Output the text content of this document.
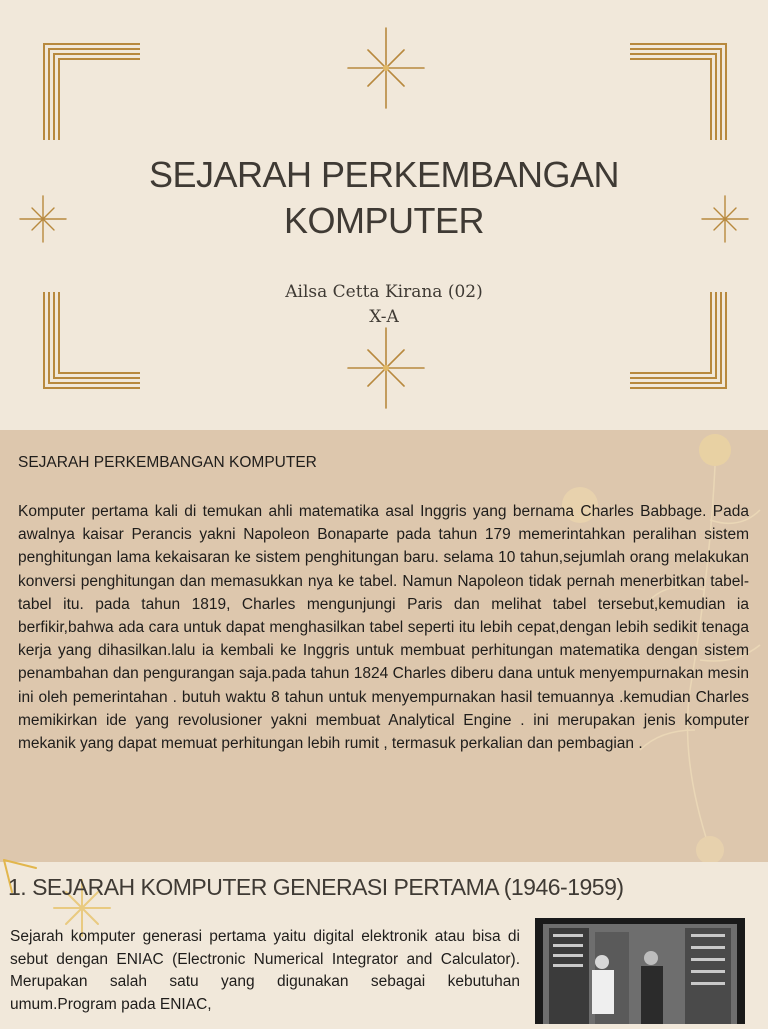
SEJARAH PERKEMBANGAN
KOMPUTER
Ailsa Cetta Kirana (02)
X-A
SEJARAH PERKEMBANGAN KOMPUTER
Komputer pertama kali di temukan ahli matematika asal Inggris yang bernama Charles Babbage. Pada awalnya kaisar Perancis yakni Napoleon Bonaparte pada tahun 179 memerintahkan peralihan sistem penghitungan lama kekaisaran ke sistem penghitungan baru. selama 10 tahun,sejumlah orang melakukan konversi penghitungan dan memasukkan nya ke tabel. Namun Napoleon tidak pernah menerbitkan tabel-tabel itu. pada tahun 1819, Charles mengunjungi Paris dan melihat tabel tersebut,kemudian ia berfikir,bahwa ada cara untuk dapat menghasilkan tabel seperti itu lebih cepat,dengan lebih sedikit tenaga kerja yang dihasilkan.lalu ia kembali ke Inggris untuk membuat perhitungan matematika dengan sistem penambahan dan pengurangan saja.pada tahun 1824 Charles diberu dana untuk menyempurnakan mesin ini oleh pemerintahan . butuh waktu 8 tahun untuk menyempurnakan hasil temuannya .kemudian Charles memikirkan ide yang revolusioner yakni membuat Analytical Engine . ini merupakan jenis komputer mekanik yang dapat memuat perhitungan lebih rumit , termasuk perkalian dan pembagian .
1. SEJARAH KOMPUTER GENERASI PERTAMA (1946-1959)
Sejarah komputer generasi pertama yaitu digital elektronik atau bisa di sebut dengan ENIAC (Electronic Numerical Integrator and Calculator). Merupakan salah satu yang digunakan sebagai kebutuhan umum.Program pada ENIAC,
